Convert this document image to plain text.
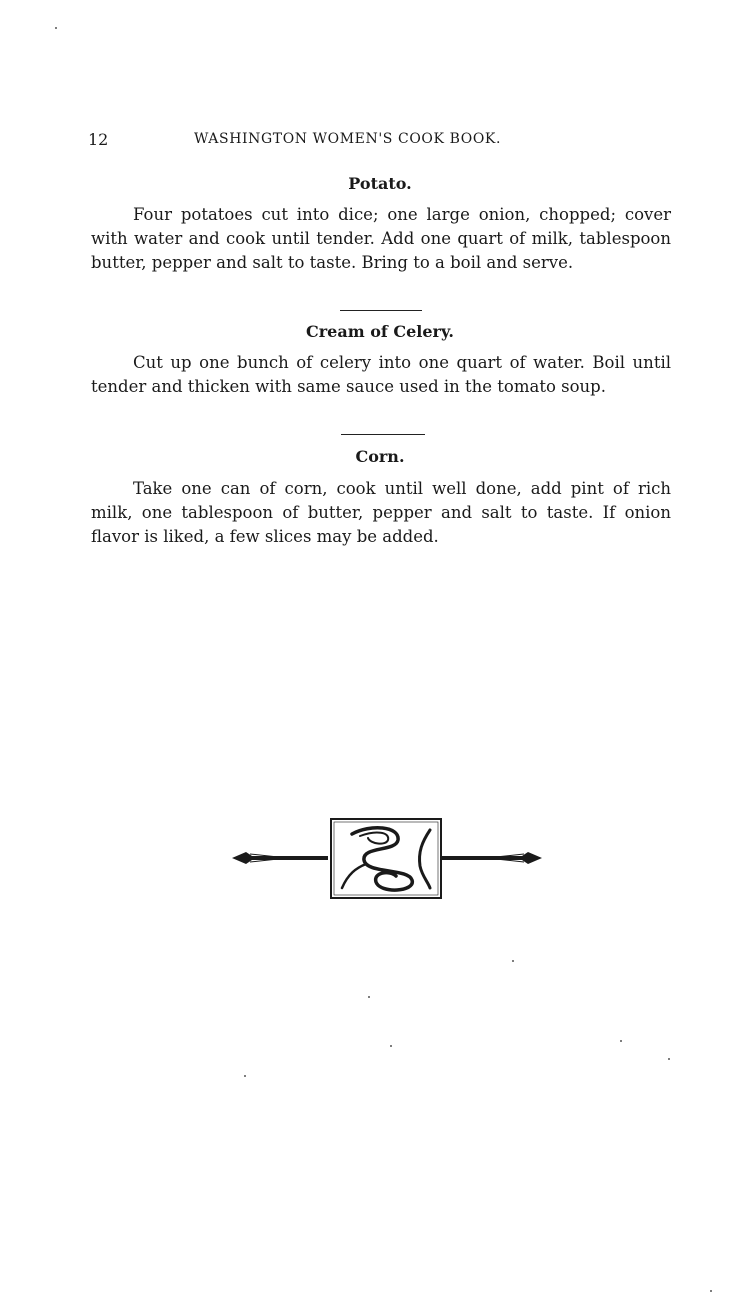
12	WASHINGTON WOMEN'S COOK BOOK.
Potato.

Four potatoes cut into dice; one large onion, chopped; cover with water and cook until tender. Add one quart of milk, tablespoon butter, pepper and salt to taste. Bring to a boil and serve.

Cream of Celery.

Cut up one bunch of celery into one quart of water. Boil until tender and thicken with same sauce used in the tomato soup.

Corn.

Take one can of corn, cook until well done, add pint of rich milk, one tablespoon of butter, pepper and salt to taste. If onion flavor is liked, a few slices may be added.
